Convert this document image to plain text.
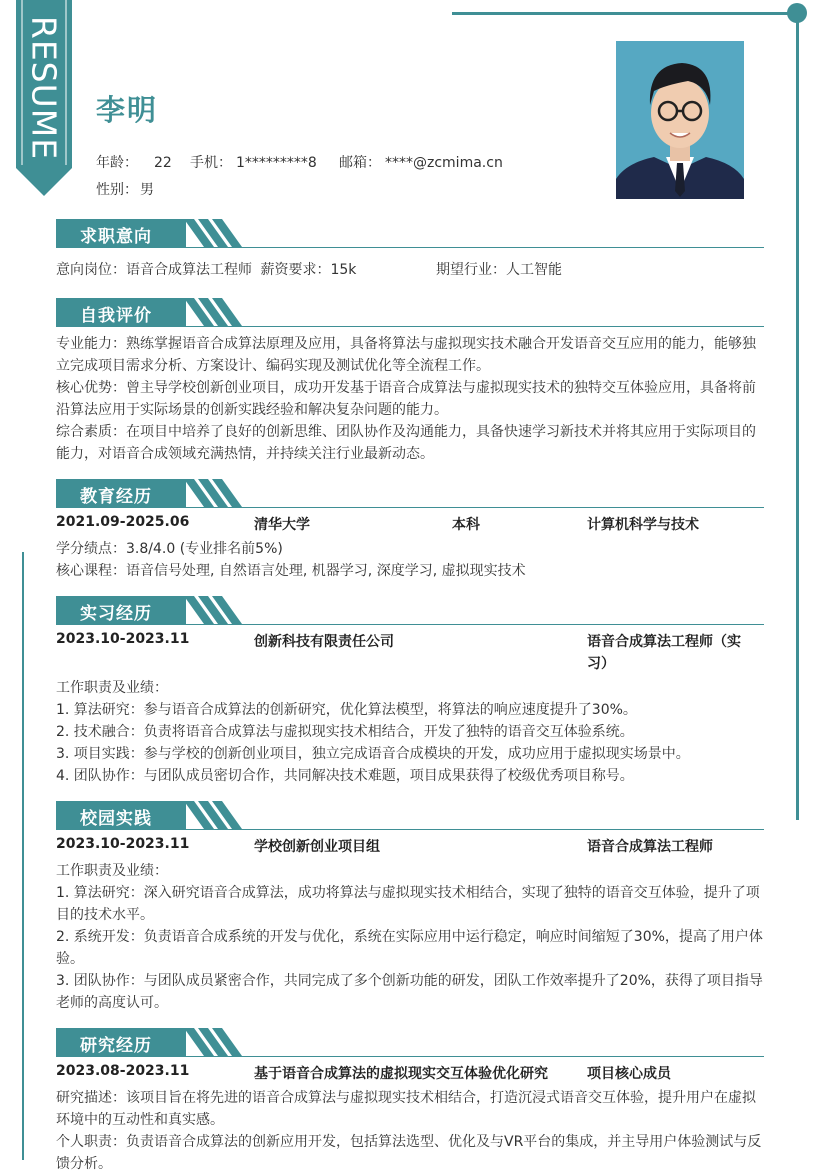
RESUME 李明
年龄： 22 手机： 1*********8 邮箱： ****@zcmima.cn
性别： 男
求职意向
意向岗位：语音合成算法工程师 薪资要求：15k	期望行业：人工智能
自我评价
专业能力：熟练掌握语音合成算法原理及应用，具备将算法与虚拟现实技术融合开发语音交互应用的能力，能够独
立完成项目需求分析、方案设计、编码实现及测试优化等全流程工作。
核心优势：曾主导学校创新创业项目，成功开发基于语音合成算法与虚拟现实技术的独特交互体验应用，具备将前
沿算法应用于实际场景的创新实践经验和解决复杂问题的能力。
综合素质：在项目中培养了良好的创新思维、团队协作及沟通能力，具备快速学习新技术并将其应用于实际项目的
能力，对语音合成领域充满热情，并持续关注行业最新动态。
教育经历
2021.09-2025.06	清华大学	本科	计算机科学与技术
学分绩点：3.8/4.0 (专业排名前5%)
核心课程：语音信号处理, 自然语言处理, 机器学习, 深度学习, 虚拟现实技术
实习经历
2023.10-2023.11	创新科技有限责任公司	语音合成算法工程师（实
习）
工作职责及业绩：
1. 算法研究：参与语音合成算法的创新研究，优化算法模型，将算法的响应速度提升了30%。
2. 技术融合：负责将语音合成算法与虚拟现实技术相结合，开发了独特的语音交互体验系统。
3. 项目实践：参与学校的创新创业项目，独立完成语音合成模块的开发，成功应用于虚拟现实场景中。
4. 团队协作：与团队成员密切合作，共同解决技术难题，项目成果获得了校级优秀项目称号。
校园实践
2023.10-2023.11	学校创新创业项目组	语音合成算法工程师
工作职责及业绩：
1. 算法研究：深入研究语音合成算法，成功将算法与虚拟现实技术相结合，实现了独特的语音交互体验，提升了项
目的技术水平。
2. 系统开发：负责语音合成系统的开发与优化，系统在实际应用中运行稳定，响应时间缩短了30%，提高了用户体
验。
3. 团队协作：与团队成员紧密合作，共同完成了多个创新功能的研发，团队工作效率提升了20%，获得了项目指导
老师的高度认可。
研究经历
2023.08-2023.11	基于语音合成算法的虚拟现实交互体验优化研究	项目核心成员
研究描述：该项目旨在将先进的语音合成算法与虚拟现实技术相结合，打造沉浸式语音交互体验，提升用户在虚拟
环境中的互动性和真实感。
个人职责：负责语音合成算法的创新应用开发，包括算法选型、优化及与VR平台的集成，并主导用户体验测试与反
馈分析。
